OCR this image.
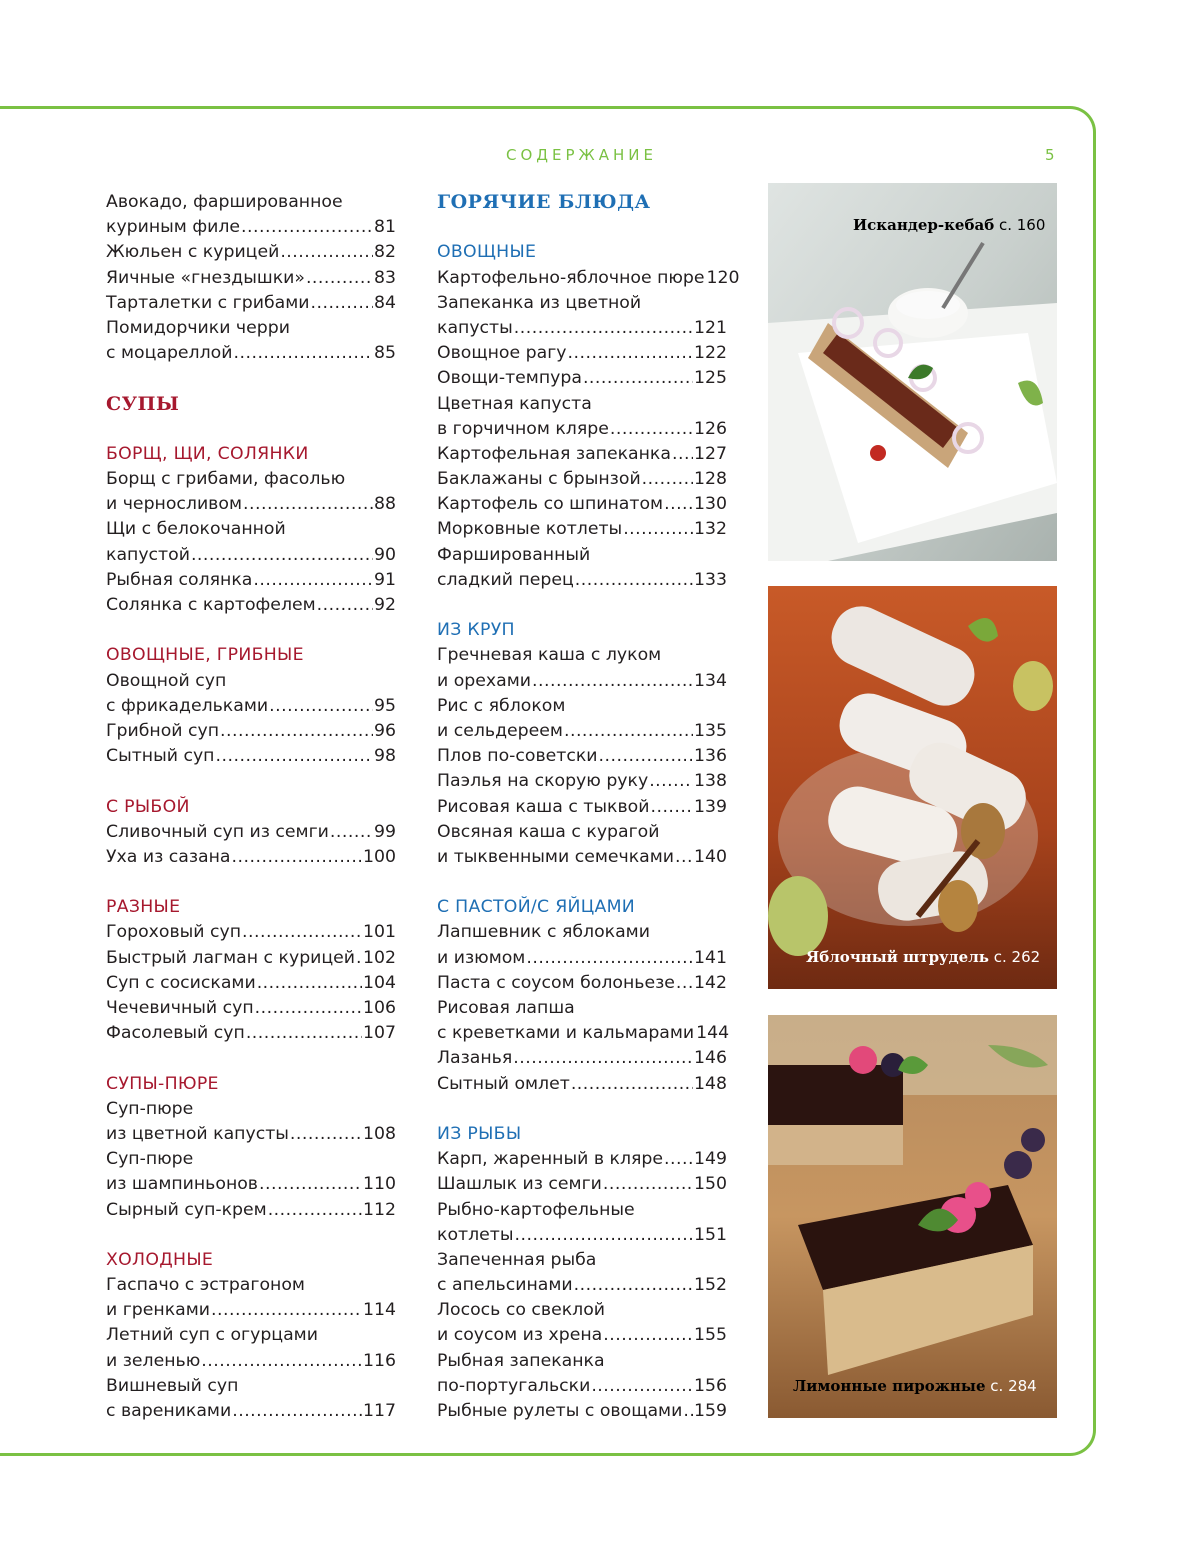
СОДЕРЖАНИЕ	5
Авокадо, фаршированное
куриным филе .....	81
Жюльен с курицей .....	82
Яичные «гнездышки» .....	83
Тарталетки с грибами .....	84
Помидорчики черри
с моцареллой .....	85
СУПЫ
БОРЩ, ЩИ, СОЛЯНКИ
Борщ с грибами, фасолью
и черносливом .....	88
Щи с белокочанной
капустой .....	90
Рыбная солянка .....	91
Солянка с картофелем .....	92
ОВОЩНЫЕ, ГРИБНЫЕ
Овощной суп
с фрикадельками .....	95
Грибной суп .....	96
Сытный суп .....	98
С РЫБОЙ
Сливочный суп из семги .....	99
Уха из сазана .....	100
РАЗНЫЕ
Гороховый суп .....	101
Быстрый лагман с курицей ..... 102
Суп с сосисками .....	104
Чечевичный суп .....	106
Фасолевый суп .....	107
СУПЫ-ПЮРЕ
Суп-пюре
из цветной капусты .....	108
Суп-пюре
из шампиньонов .....	110
Сырный суп-крем .....	112
ХОЛОДНЫЕ
Гаспачо с эстрагоном
и гренками .....	114
Летний суп с огурцами
и зеленью .....	116
Вишневый суп
с варениками .....	117
ГОРЯЧИЕ БЛЮДА
ОВОЩНЫЕ
Картофельно-яблочное пюре 120
Запеканка из цветной
капусты .....	121
Овощное рагу .....	122
Овощи-темпура .....	125
Цветная капуста
в горчичном кляре .....	126
Картофельная запеканка ..... 127
Баклажаны с брынзой .....	128
Картофель со шпинатом ..... 130
Морковные котлеты .....	132
Фаршированный
сладкий перец .....	133
ИЗ КРУП
Гречневая каша с луком
и орехами .....	134
Рис с яблоком
и сельдереем .....	135
Плов по-советски .....	136
Паэлья на скорую руку .....	138
Рисовая каша с тыквой .....	139
Овсяная каша с курагой
и тыквенными семечками ..... 140
С ПАСТОЙ/С ЯЙЦАМИ
Лапшевник с яблоками
и изюмом .....	141
Паста с соусом болоньезе ..... 142
Рисовая лапша
с креветками и кальмарами 144
Лазанья .....	146
Сытный омлет .....	148
ИЗ РЫБЫ
Карп, жаренный в кляре ..... 149
Шашлык из семги .....	150
Рыбно-картофельные
котлеты .....	151
Запеченная рыба
с апельсинами .....	152
Лосось со свеклой
и соусом из хрена .....	155
Рыбная запеканка
по-португальски .....	156
Рыбные рулеты с овощами ..... 159
Искандер-кебаб с. 160
Яблочный штрудель с. 262
Лимонные пирожные с. 284
